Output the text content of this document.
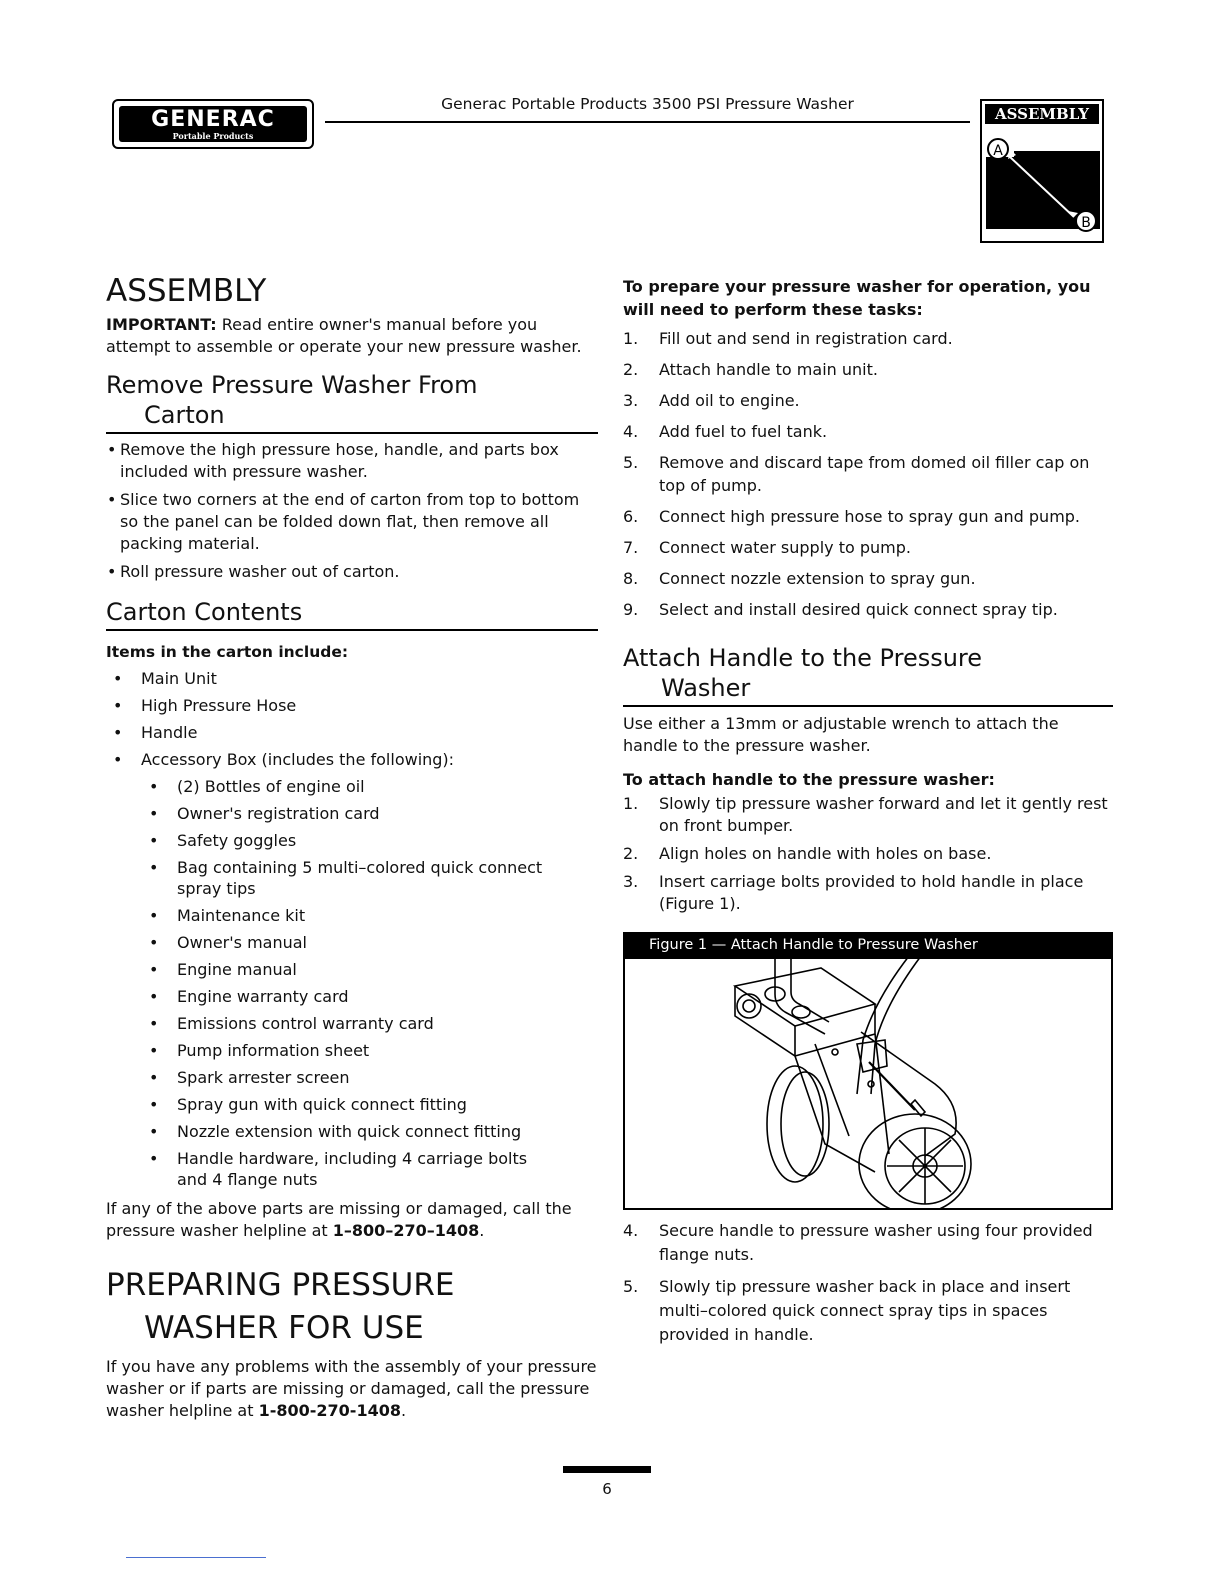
GENERAC
Portable Products
Generac Portable Products 3500 PSI Pressure Washer
ASSEMBLY
A
B
ASSEMBLY
IMPORTANT: Read entire owner's manual before you attempt to assemble or operate your new pressure washer.
Remove Pressure Washer From
Carton
• Remove the high pressure hose, handle, and parts box included with pressure washer.
• Slice two corners at the end of carton from top to bottom so the panel can be folded down flat, then remove all packing material.
• Roll pressure washer out of carton.
Carton Contents
Items in the carton include:
• Main Unit
• High Pressure Hose
• Handle
• Accessory Box (includes the following):
• (2) Bottles of engine oil
• Owner's registration card
• Safety goggles
• Bag containing 5 multi–colored quick connect spray tips
• Maintenance kit
• Owner's manual
• Engine manual
• Engine warranty card
• Emissions control warranty card
• Pump information sheet
• Spark arrester screen
• Spray gun with quick connect fitting
• Nozzle extension with quick connect fitting
• Handle hardware, including 4 carriage bolts and 4 flange nuts
If any of the above parts are missing or damaged, call the pressure washer helpline at 1–800–270–1408.
PREPARING PRESSURE
WASHER FOR USE
If you have any problems with the assembly of your pressure washer or if parts are missing or damaged, call the pressure washer helpline at 1-800-270-1408.
To prepare your pressure washer for operation, you will need to perform these tasks:
1. Fill out and send in registration card.
2. Attach handle to main unit.
3. Add oil to engine.
4. Add fuel to fuel tank.
5. Remove and discard tape from domed oil filler cap on top of pump.
6. Connect high pressure hose to spray gun and pump.
7. Connect water supply to pump.
8. Connect nozzle extension to spray gun.
9. Select and install desired quick connect spray tip.
Attach Handle to the Pressure
Washer
Use either a 13mm or adjustable wrench to attach the handle to the pressure washer.
To attach handle to the pressure washer:
1. Slowly tip pressure washer forward and let it gently rest on front bumper.
2. Align holes on handle with holes on base.
3. Insert carriage bolts provided to hold handle in place (Figure 1).
Figure 1 — Attach Handle to Pressure Washer
4. Secure handle to pressure washer using four provided flange nuts.
5. Slowly tip pressure washer back in place and insert multi–colored quick connect spray tips in spaces provided in handle.
6
